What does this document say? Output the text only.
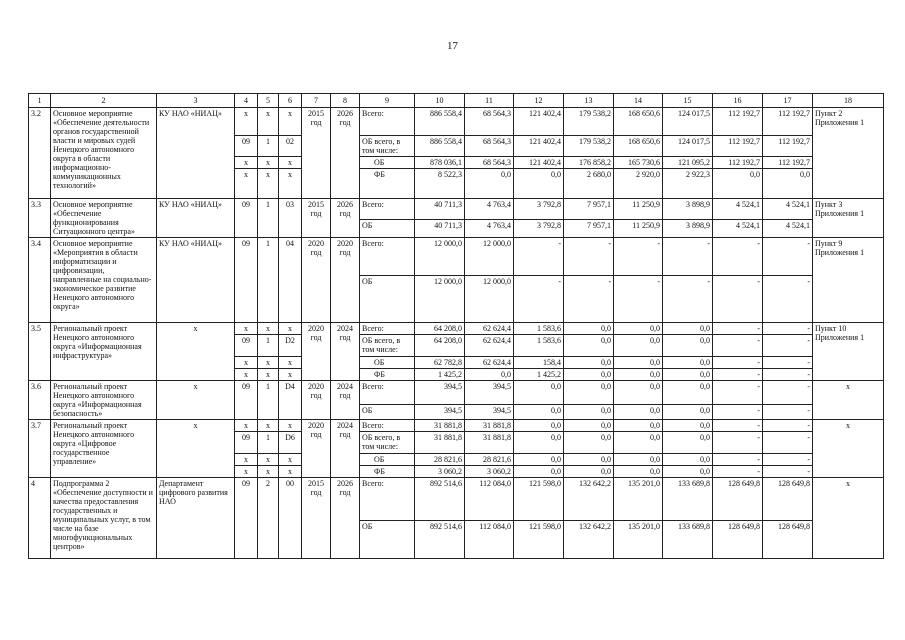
17
1	2	3	4	5	6	7	8	9	10	11	12	13	14	15	16	17	18
3.2	Основное мероприятие «Обеспечение деятельности органов государственной власти и мировых судей Ненецкого автономного округа в области информационно-коммуникационных технологий»	КУ НАО «НИАЦ»	x	x	x	2015 год	2026 год	Всего:	886 558,4	68 564,3	121 402,4	179 538,2	168 650,6	124 017,5	112 192,7	112 192,7	Пункт 2 Приложения 1
			09	1	02			ОБ всего, в том числе:	886 558,4	68 564,3	121 402,4	179 538,2	168 650,6	124 017,5	112 192,7	112 192,7	
			x	x	x			ОБ	878 036,1	68 564,3	121 402,4	176 858,2	165 730,6	121 095,2	112 192,7	112 192,7	
			x	x	x			ФБ	8 522,3	0,0	0,0	2 680,0	2 920,0	2 922,3	0,0	0,0	
3.3	Основное мероприятие «Обеспечение функционирования Ситуационного центра»	КУ НАО «НИАЦ»	09	1	03	2015 год	2026 год	Всего:	40 711,3	4 763,4	3 792,8	7 957,1	11 250,9	3 898,9	4 524,1	4 524,1	Пункт 3 Приложения 1
								ОБ	40 711,3	4 763,4	3 792,8	7 957,1	11 250,9	3 898,9	4 524,1	4 524,1	
3.4	Основное мероприятие «Мероприятия в области информатизации и цифровизации, направленные на социально-экономическое развитие Ненецкого автономного округа»	КУ НАО «НИАЦ»	09	1	04	2020 год	2020 год	Всего:	12 000,0	12 000,0	-	-	-	-	-	-	Пункт 9 Приложения 1
								ОБ	12 000,0	12 000,0	-	-	-	-	-	-	
3.5	Региональный проект Ненецкого автономного округа «Информационная инфраструктура»	x	x	x	x	2020 год	2024 год	Всего:	64 208,0	62 624,4	1 583,6	0,0	0,0	0,0	-	-	Пункт 10 Приложения 1
			09	1	D2			ОБ всего, в том числе:	64 208,0	62 624,4	1 583,6	0,0	0,0	0,0	-	-	
			x	x	x			ОБ	62 782,8	62 624,4	158,4	0,0	0,0	0,0	-	-	
			x	x	x			ФБ	1 425,2	0,0	1 425,2	0,0	0,0	0,0	-	-	
3.6	Региональный проект Ненецкого автономного округа «Информационная безопасность»	x	09	1	D4	2020 год	2024 год	Всего:	394,5	394,5	0,0	0,0	0,0	0,0	-	-	x
								ОБ	394,5	394,5	0,0	0,0	0,0	0,0	-	-	
3.7	Региональный проект Ненецкого автономного округа «Цифровое государственное управление»	x	x	x	x	2020 год	2024 год	Всего:	31 881,8	31 881,8	0,0	0,0	0,0	0,0	-	-	x
			09	1	D6			ОБ всего, в том числе:	31 881,8	31 881,8	0,0	0,0	0,0	0,0	-	-	
			x	x	x			ОБ	28 821,6	28 821,6	0,0	0,0	0,0	0,0	-	-	
			x	x	x			ФБ	3 060,2	3 060,2	0,0	0,0	0,0	0,0	-	-	
4	Подпрограмма 2 «Обеспечение доступности и качества предоставления государственных и муниципальных услуг, в том числе на базе многофункциональных центров»	Департамент цифрового развития НАО	09	2	00	2015 год	2026 год	Всего:	892 514,6	112 084,0	121 598,0	132 642,2	135 201,0	133 689,8	128 649,8	128 649,8	x
								ОБ	892 514,6	112 084,0	121 598,0	132 642,2	135 201,0	133 689,8	128 649,8	128 649,8	
